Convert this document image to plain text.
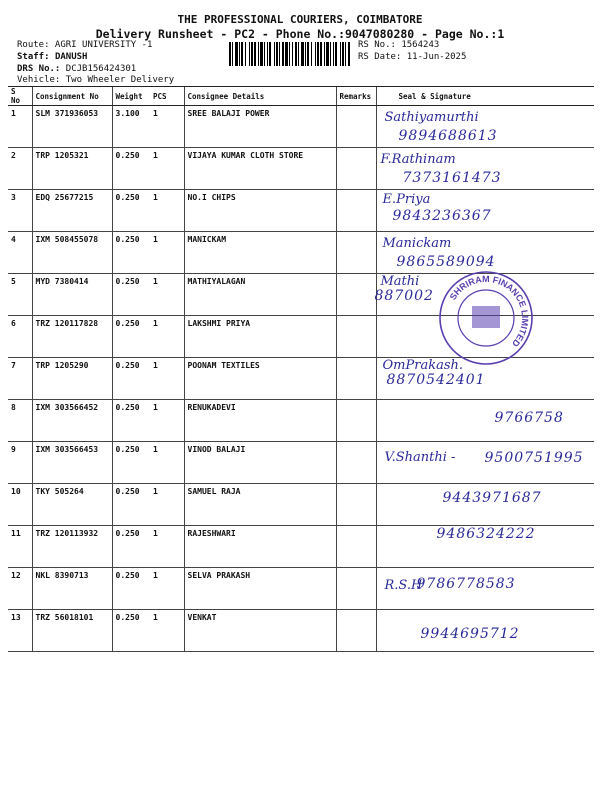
THE PROFESSIONAL COURIERS, COIMBATORE
Delivery Runsheet - PC2 - Phone No.:9047080280 - Page No.:1
Route: AGRI UNIVERSITY -1
Staff: DANUSH
DRS No.: DCJB156424301
Vehicle: Two Wheeler Delivery
RS No.: 1564243
RS Date: 11-Jun-2025
S No	Consignment No	Weight	PCS	Consignee Details	Remarks	Seal & Signature
1	SLM 371936053	3.100	1	SREE BALAJI POWER		Sathiyamurthi
9894688613

2	TRP 1205321	0.250	1	VIJAYA KUMAR CLOTH STORE		F.Rathinam
7373161473

3	EDQ 25677215	0.250	1	NO.I CHIPS		E.Priya
9843236367

4	IXM 508455078	0.250	1	MANICKAM		Manickam
9865589094

5	MYD 7380414	0.250	1	MATHIYALAGAN		Mathi
887002

6	TRZ 120117828	0.250	1	LAKSHMI PRIYA		

7	TRP 1205290	0.250	1	POONAM TEXTILES		OmPrakash.
8870542401

8	IXM 303566452	0.250	1	RENUKADEVI		9766758

9	IXM 303566453	0.250	1	VINOD BALAJI		V.Shanthi - 9500751995

10	TKY 505264	0.250	1	SAMUEL RAJA		9443971687

11	TRZ 120113932	0.250	1	RAJESHWARI		9486324222

12	NKL 8390713	0.250	1	SELVA PRAKASH		R.S.H
9786778583

13	TRZ 56018101	0.250	1	VENKAT		9944695712
SHRIRAM FINANCE LIMITED
